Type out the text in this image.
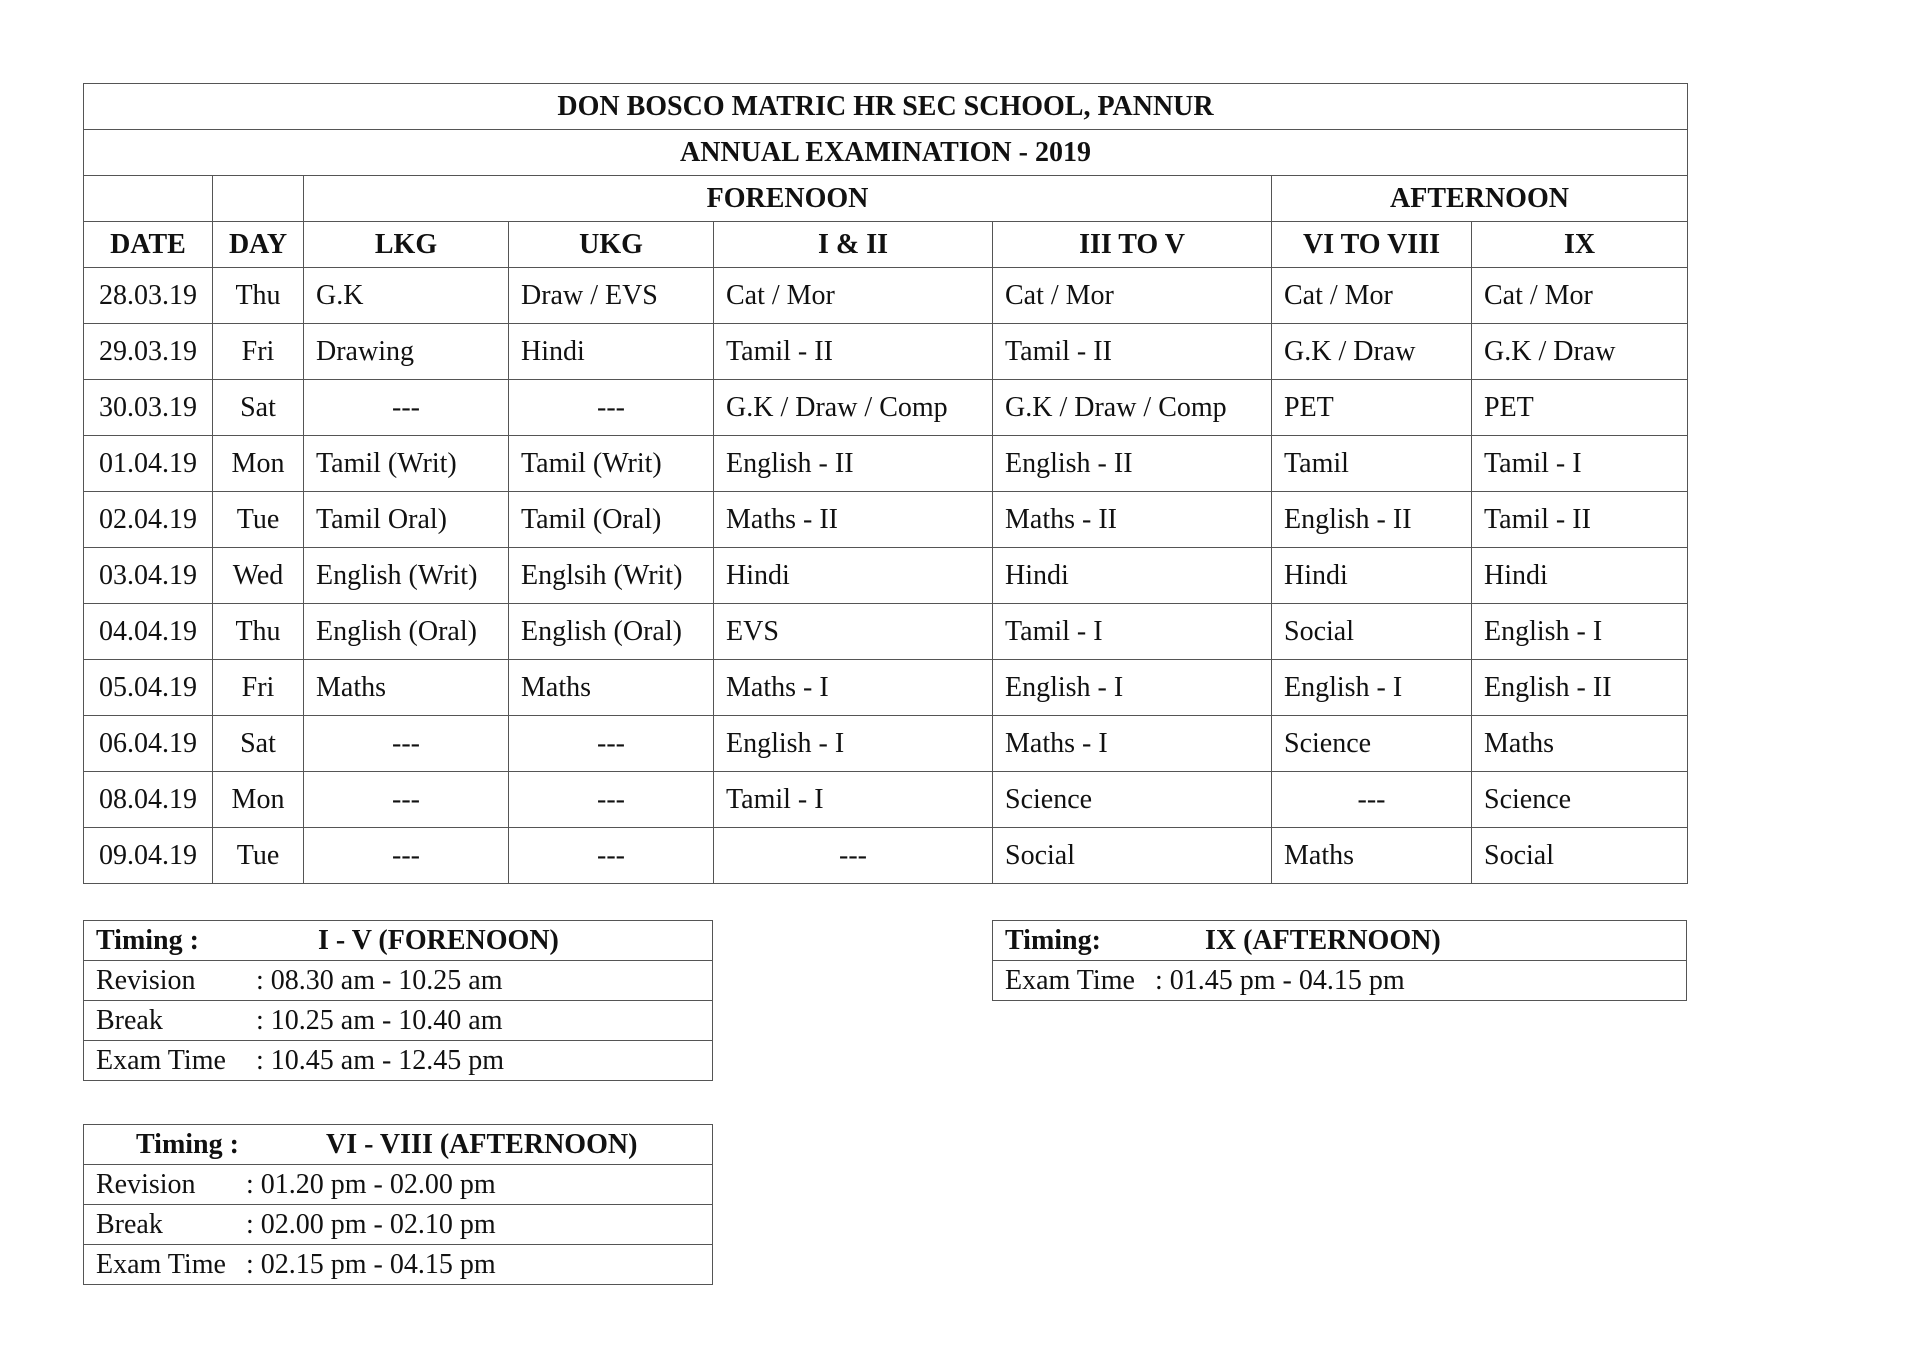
DON BOSCO MATRIC HR SEC SCHOOL, PANNUR							
ANNUAL EXAMINATION - 2019							
		FORENOON				AFTERNOON	
DATE	DAY	LKG	UKG	I & II	III TO V	VI TO VIII	IX
28.03.19	Thu	G.K	Draw / EVS	Cat / Mor	Cat / Mor	Cat / Mor	Cat / Mor
29.03.19	Fri	Drawing	Hindi	Tamil - II	Tamil - II	G.K / Draw	G.K / Draw
30.03.19	Sat	---	---	G.K / Draw / Comp	G.K / Draw / Comp	PET	PET
01.04.19	Mon	Tamil (Writ)	Tamil (Writ)	English - II	English - II	Tamil	Tamil - I
02.04.19	Tue	Tamil Oral)	Tamil (Oral)	Maths - II	Maths - II	English - II	Tamil - II
03.04.19	Wed	English (Writ)	Englsih (Writ)	Hindi	Hindi	Hindi	Hindi
04.04.19	Thu	English (Oral)	English (Oral)	EVS	Tamil - I	Social	English - I
05.04.19	Fri	Maths	Maths	Maths - I	English - I	English - I	English - II
06.04.19	Sat	---	---	English - I	Maths - I	Science	Maths
08.04.19	Mon	---	---	Tamil - I	Science	---	Science
09.04.19	Tue	---	---	---	Social	Maths	Social
Timing :	I - V (FORENOON)
Revision : 08.30 am - 10.25 am
Break	: 10.25 am - 10.40 am
Exam Time : 10.45 am - 12.45 pm
Timing :	VI - VIII (AFTERNOON)
Revision : 01.20 pm - 02.00 pm
Break	: 02.00 pm - 02.10 pm
Exam Time : 02.15 pm - 04.15 pm
Timing:	IX (AFTERNOON)
Exam Time : 01.45 pm - 04.15 pm
